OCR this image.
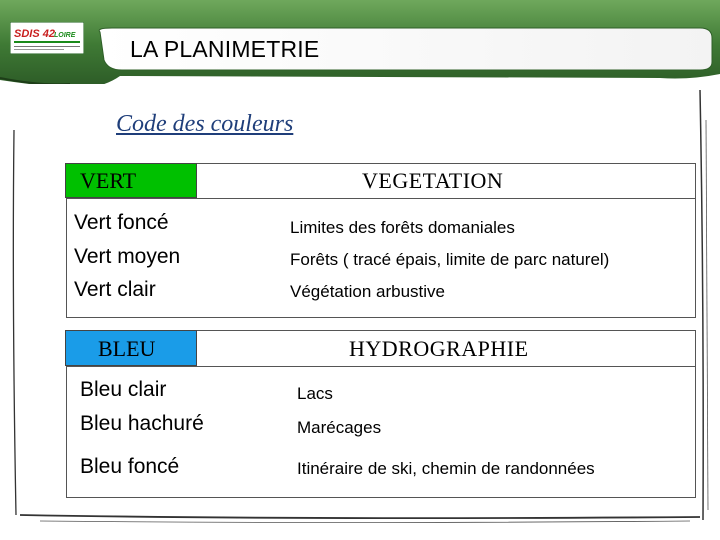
SDIS 42 LOIRE
LA PLANIMETRIE
Code des couleurs
VERT	VEGETATION
Vert foncé
Vert moyen
Vert clair
Limites des forêts domaniales
Forêts ( tracé épais, limite de parc naturel)
Végétation arbustive
BLEU	HYDROGRAPHIE
Bleu clair
Bleu hachuré
Bleu foncé
Lacs
Marécages
Itinéraire de ski, chemin de randonnées
